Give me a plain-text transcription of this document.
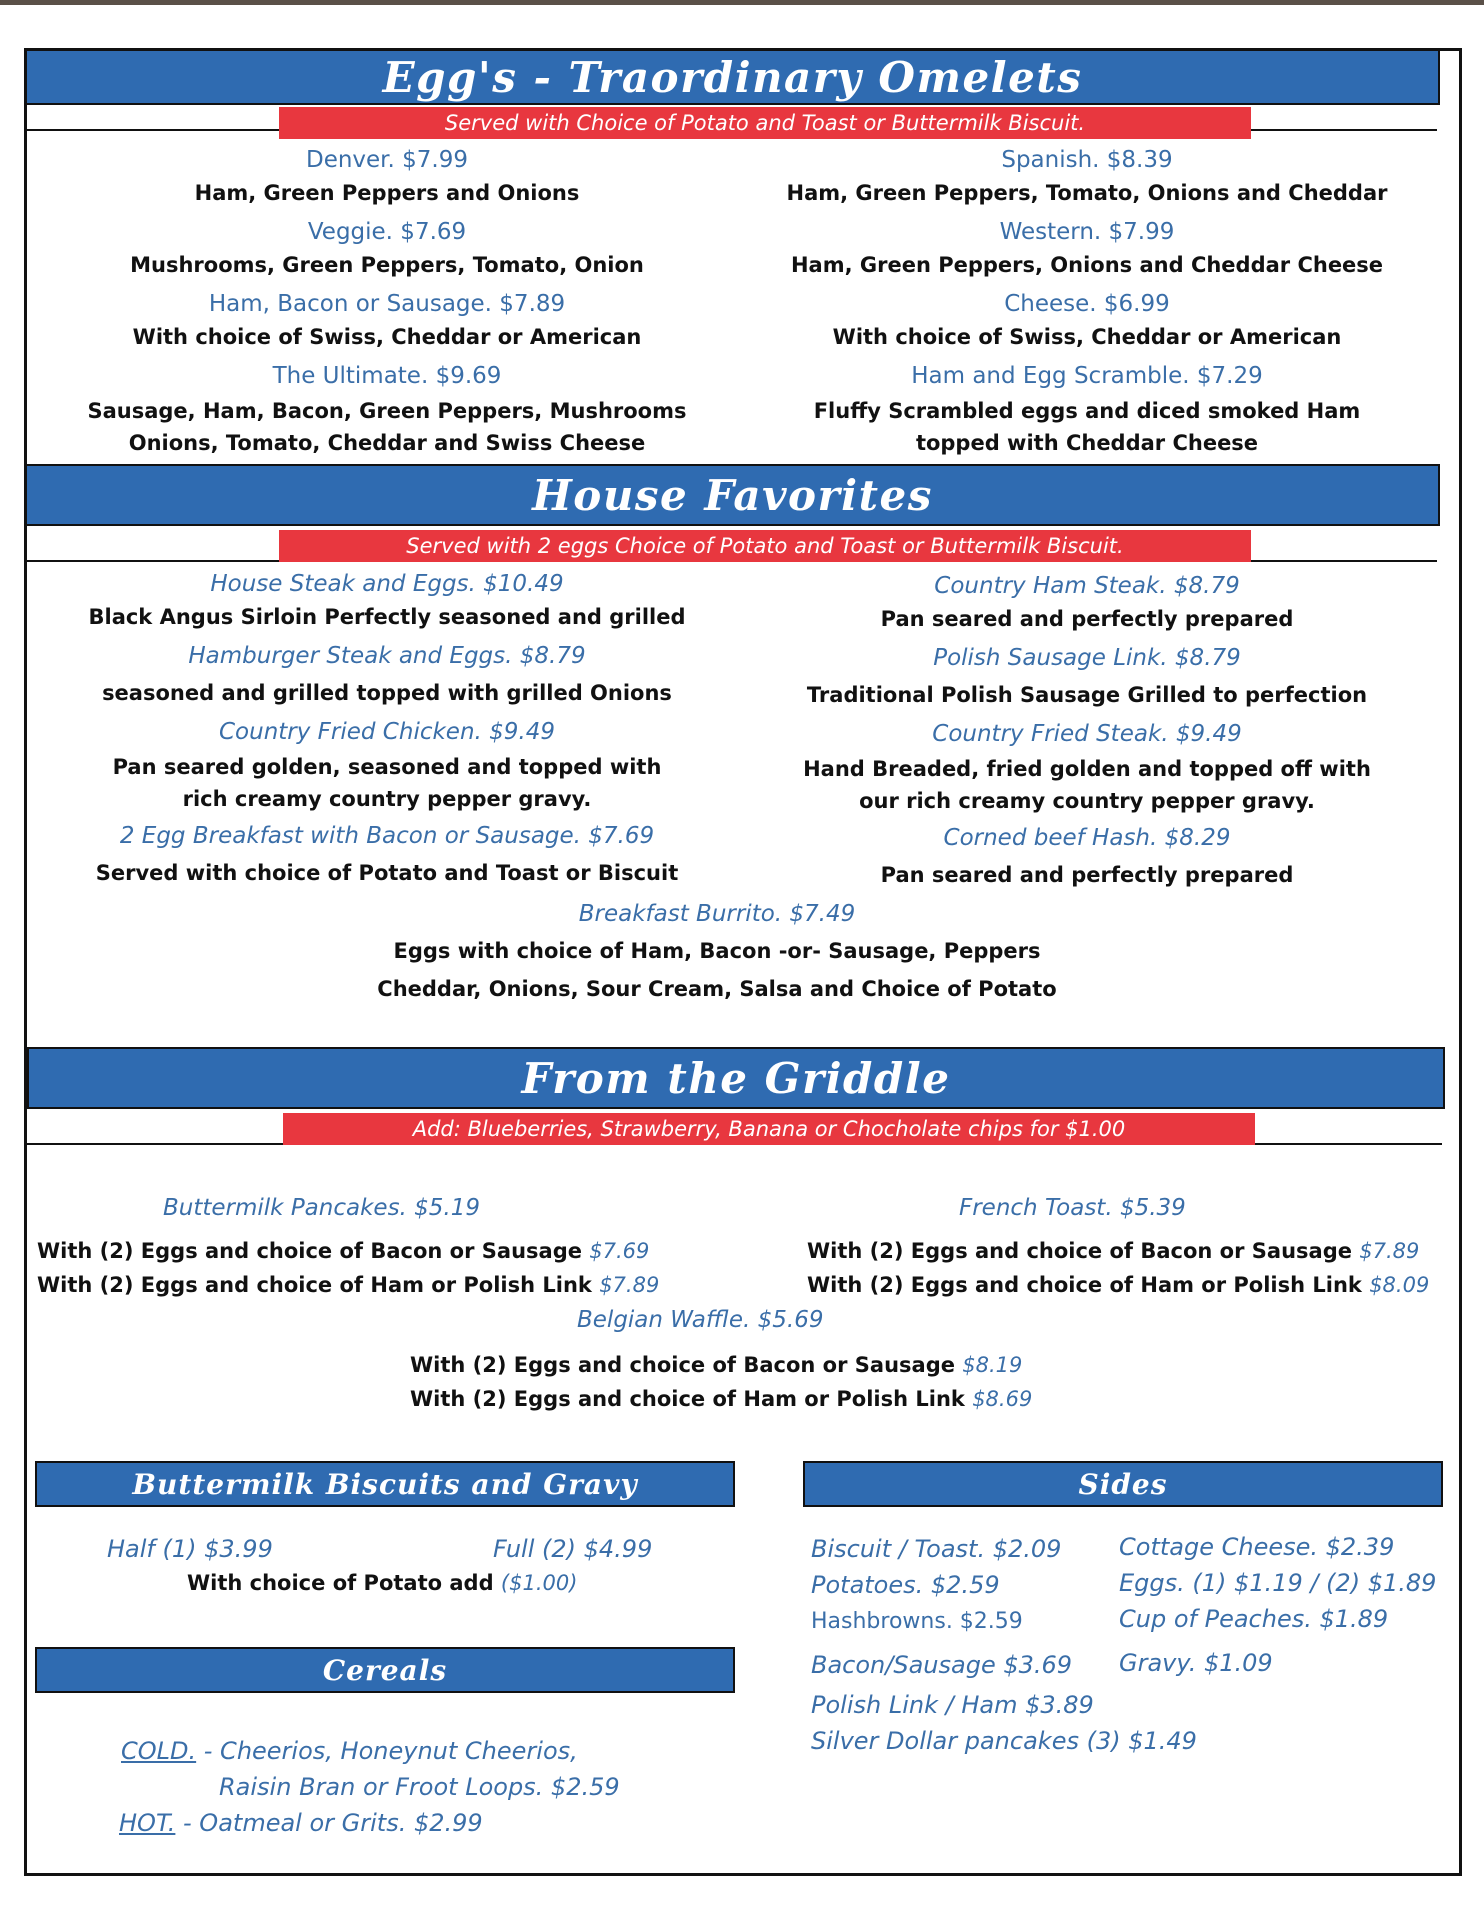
Egg's - Traordinary Omelets
Served with Choice of Potato and Toast or Buttermilk Biscuit.
Denver. $7.99
Ham, Green Peppers and Onions
Veggie. $7.69
Mushrooms, Green Peppers, Tomato, Onion
Ham, Bacon or Sausage. $7.89
With choice of Swiss, Cheddar or American
The Ultimate. $9.69
Sausage, Ham, Bacon, Green Peppers, Mushrooms
Onions, Tomato, Cheddar and Swiss Cheese
Spanish. $8.39
Ham, Green Peppers, Tomato, Onions and Cheddar
Western. $7.99
Ham, Green Peppers, Onions and Cheddar Cheese
Cheese. $6.99
With choice of Swiss, Cheddar or American
Ham and Egg Scramble. $7.29
Fluffy Scrambled eggs and diced smoked Ham
topped with Cheddar Cheese
House Favorites
Served with 2 eggs Choice of Potato and Toast or Buttermilk Biscuit.
House Steak and Eggs. $10.49
Black Angus Sirloin Perfectly seasoned and grilled
Hamburger Steak and Eggs. $8.79
seasoned and grilled topped with grilled Onions
Country Fried Chicken. $9.49
Pan seared golden, seasoned and topped with
rich creamy country pepper gravy.
2 Egg Breakfast with Bacon or Sausage. $7.69
Served with choice of Potato and Toast or Biscuit
Country Ham Steak. $8.79
Pan seared and perfectly prepared
Polish Sausage Link. $8.79
Traditional Polish Sausage Grilled to perfection
Country Fried Steak. $9.49
Hand Breaded, fried golden and topped off with
our rich creamy country pepper gravy.
Corned beef Hash. $8.29
Pan seared and perfectly prepared
Breakfast Burrito. $7.49
Eggs with choice of Ham, Bacon -or- Sausage, Peppers
Cheddar, Onions, Sour Cream, Salsa and Choice of Potato
From the Griddle
Add: Blueberries, Strawberry, Banana or Chocholate chips for $1.00
Buttermilk Pancakes. $5.19
With (2) Eggs and choice of Bacon or Sausage $7.69
With (2) Eggs and choice of Ham or Polish Link $7.89
French Toast. $5.39
With (2) Eggs and choice of Bacon or Sausage $7.89
With (2) Eggs and choice of Ham or Polish Link $8.09
Belgian Waffle. $5.69
With (2) Eggs and choice of Bacon or Sausage $8.19
With (2) Eggs and choice of Ham or Polish Link $8.69
Buttermilk Biscuits and Gravy
Half (1) $3.99	Full (2) $4.99
With choice of Potato add ($1.00)
Cereals
COLD. - Cheerios, Honeynut Cheerios,
Raisin Bran or Froot Loops. $2.59
HOT. - Oatmeal or Grits. $2.99
Sides
Biscuit / Toast. $2.09
Potatoes. $2.59
Hashbrowns. $2.59
Bacon/Sausage $3.69
Polish Link / Ham $3.89
Silver Dollar pancakes (3) $1.49
Cottage Cheese. $2.39
Eggs. (1) $1.19 / (2) $1.89
Cup of Peaches. $1.89
Gravy. $1.09
